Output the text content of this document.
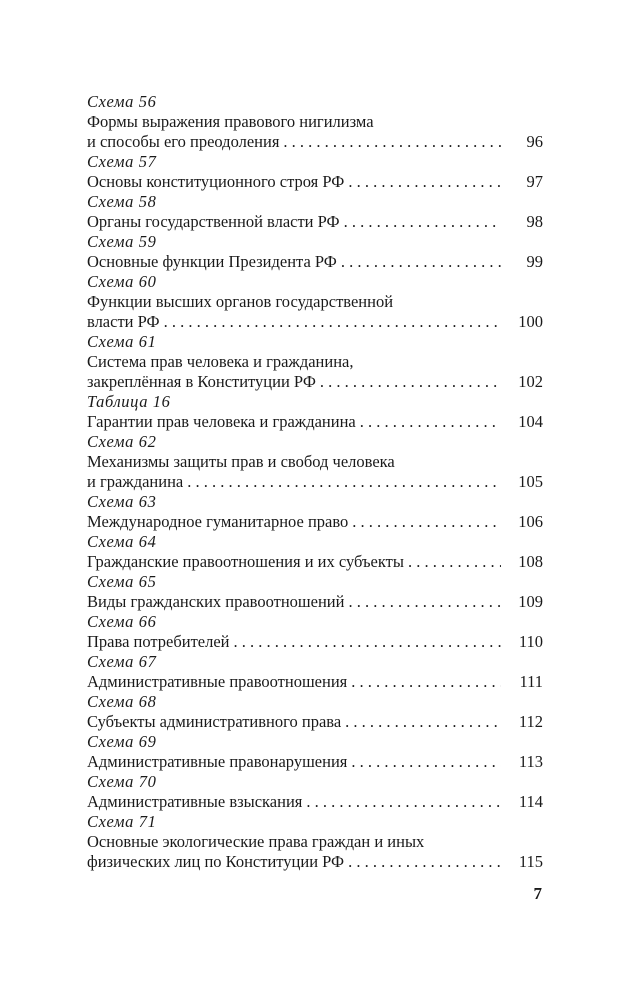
Схема 56
Формы выражения правового нигилизма
и способы его преодоления . . .	96
Схема 57
Основы конституционного строя РФ . . .	97
Схема 58
Органы государственной власти РФ . . .	98
Схема 59
Основные функции Президента РФ . . .	99
Схема 60
Функции высших органов государственной
власти РФ . . .	100
Схема 61
Система прав человека и гражданина,
закреплённая в Конституции РФ . . .	102
Таблица 16
Гарантии прав человека и гражданина . . .	104
Схема 62
Механизмы защиты прав и свобод человека
и гражданина . . .	105
Схема 63
Международное гуманитарное право . . .	106
Схема 64
Гражданские правоотношения и их субъекты . . .	108
Схема 65
Виды гражданских правоотношений . . .	109
Схема 66
Права потребителей . . .	110
Схема 67
Административные правоотношения . . .	111
Схема 68
Субъекты административного права . . .	112
Схема 69
Административные правонарушения . . .	113
Схема 70
Административные взыскания . . .	114
Схема 71
Основные экологические права граждан и иных
физических лиц по Конституции РФ . . .	115
7
